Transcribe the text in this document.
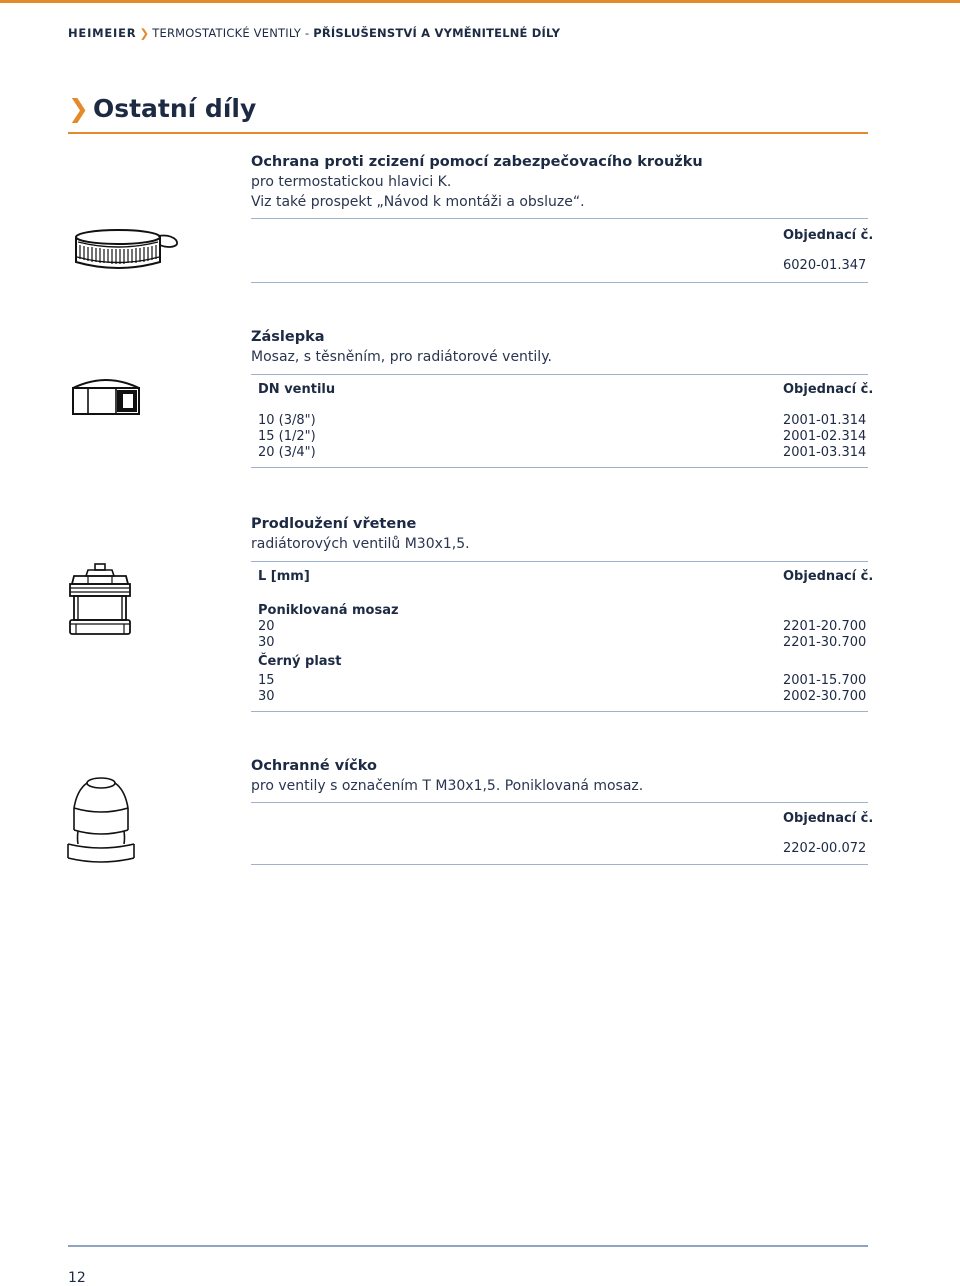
HEIMEIER ❯ TERMOSTATICKÉ VENTILY - PŘÍSLUŠENSTVÍ A VYMĚNITELNÉ DÍLY
❯ Ostatní díly
Ochrana proti zcizení pomocí zabezpečovacího kroužku
pro termostatickou hlavici K.
Viz také prospekt „Návod k montáži a obsluze“.
Objednací č.
6020-01.347
Záslepka
Mosaz, s těsněním, pro radiátorové ventily.
DN ventilu	Objednací č.
10 (3/8")	2001-01.314
15 (1/2")	2001-02.314
20 (3/4")	2001-03.314
Prodloužení vřetene
radiátorových ventilů M30x1,5.
L [mm]	Objednací č.
Poniklovaná mosaz
20	2201-20.700
30	2201-30.700
Černý plast
15	2001-15.700
30	2002-30.700
Ochranné víčko
pro ventily s označením T M30x1,5. Poniklovaná mosaz.
Objednací č.
2202-00.072
12
